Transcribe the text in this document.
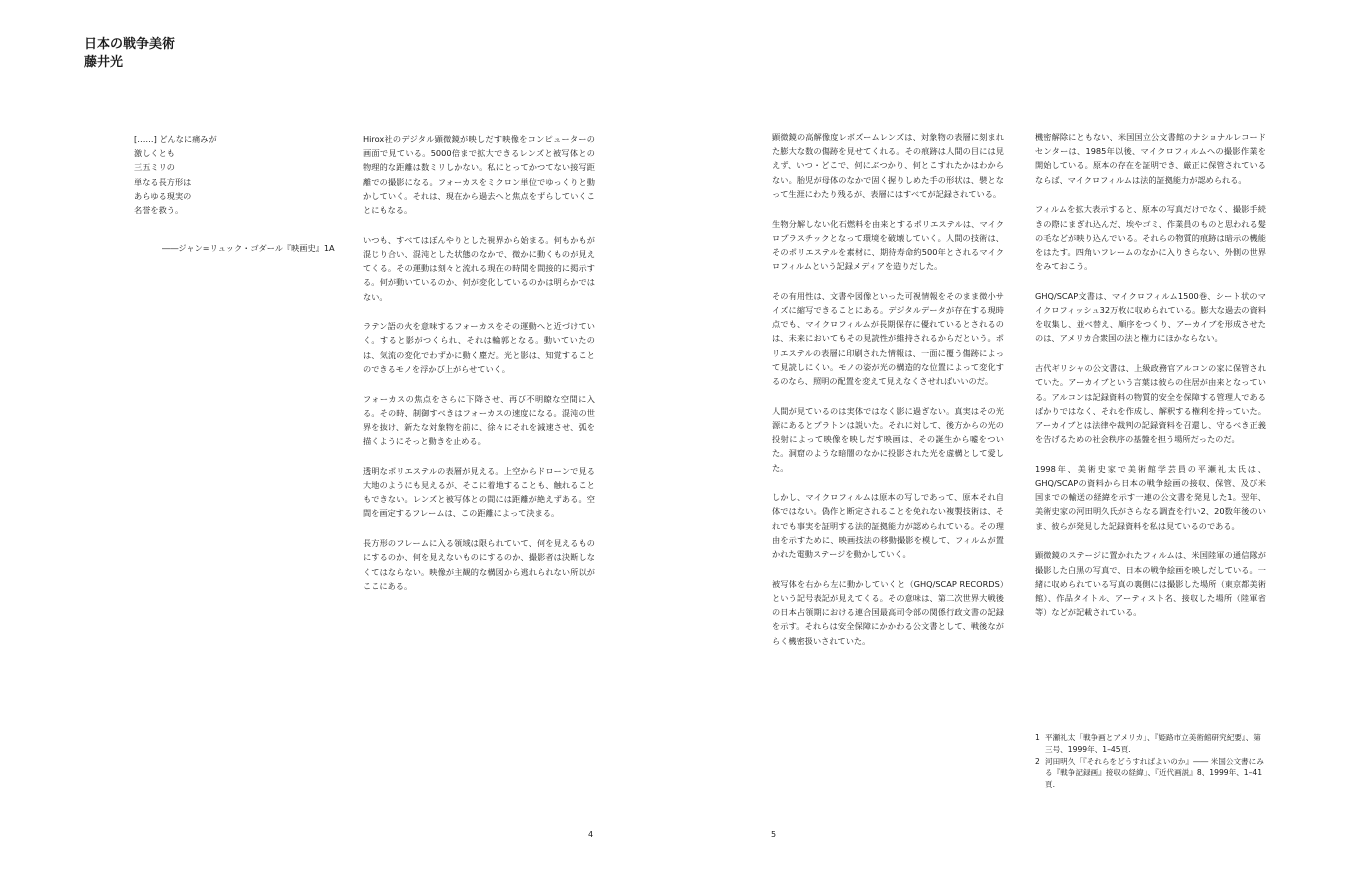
日本の戦争美術
藤井光
[……] どんなに痛みが
激しくとも
三五ミリの
単なる長方形は
あらゆる現実の
名誉を救う。
――ジャン=リュック・ゴダール『映画史』1A

Hirox社のデジタル顕微鏡が映しだす映像をコンピューターの画面で見ている。5000倍まで拡大できるレンズと被写体との物理的な距離は数ミリしかない。私にとってかつてない接写距離での撮影になる。フォーカスをミクロン単位でゆっくりと動かしていく。それは、現在から過去へと焦点をずらしていくことにもなる。

いつも、すべてはぼんやりとした視界から始まる。何もかもが混じり合い、混沌とした状態のなかで、微かに動くものが見えてくる。その運動は刻々と流れる現在の時間を間接的に掲示する。何が動いているのか、何が変化しているのかは明らかではない。

ラテン語の火を意味するフォーカスをその運動へと近づけていく。すると影がつくられ、それは輪郭となる。動いていたのは、気流の変化でわずかに動く塵だ。光と影は、知覚することのできるモノを浮かび上がらせていく。

フォーカスの焦点をさらに下降させ、再び不明瞭な空間に入る。その時、制御すべきはフォーカスの速度になる。混沌の世界を抜け、新たな対象物を前に、徐々にそれを減速させ、弧を描くようにそっと動きを止める。

透明なポリエステルの表層が見える。上空からドローンで見る大地のようにも見えるが、そこに着地することも、触れることもできない。レンズと被写体との間には距離が絶えずある。空間を画定するフレームは、この距離によって決まる。

長方形のフレームに入る領域は限られていて、何を見えるものにするのか、何を見えないものにするのか、撮影者は決断しなくてはならない。映像が主観的な構図から逃れられない所以がここにある。

4

顕微鏡の高解像度レボズームレンズは、対象物の表層に刻まれた膨大な数の傷跡を見せてくれる。その痕跡は人間の目には見えず、いつ・どこで、何にぶつかり、何とこすれたかはわからない。胎児が母体のなかで固く握りしめた手の形状は、襞となって生涯にわたり残るが、表層にはすべてが記録されている。

生物分解しない化石燃料を由来とするポリエステルは、マイクロプラスチックとなって環境を破壊していく。人間の技術は、そのポリエステルを素材に、期待寿命約500年とされるマイクロフィルムという記録メディアを造りだした。

その有用性は、文書や図像といった可視情報をそのまま微小サイズに縮写できることにある。デジタルデータが存在する現時点でも、マイクロフィルムが長期保存に優れているとされるのは、未来においてもその見読性が維持されるからだという。ポリエステルの表層に印刷された情報は、一面に覆う傷跡によって見読しにくい。モノの姿が光の構造的な位置によって変化するのなら、照明の配置を変えて見えなくさせればいいのだ。

人間が見ているのは実体ではなく影に過ぎない。真実はその光源にあるとプラトンは説いた。それに対して、後方からの光の投射によって映像を映しだす映画は、その誕生から嘘をついた。洞窟のような暗闇のなかに投影された光を虚構として愛した。

しかし、マイクロフィルムは原本の写しであって、原本それ自体ではない。偽作と断定されることを免れない複製技術は、それでも事実を証明する法的証拠能力が認められている。その理由を示すために、映画技法の移動撮影を模して、フィルムが置かれた電動ステージを動かしていく。

被写体を右から左に動かしていくと（GHQ/SCAP RECORDS）という記号表記が見えてくる。その意味は、第二次世界大戦後の日本占領期における連合国最高司令部の関係行政文書の記録を示す。それらは安全保障にかかわる公文書として、戦後ながらく機密扱いされていた。

機密解除にともない、米国国立公文書館のナショナルレコードセンターは、1985年以後、マイクロフィルムへの撮影作業を開始している。原本の存在を証明でき、厳正に保管されているならば、マイクロフィルムは法的証拠能力が認められる。

フィルムを拡大表示すると、原本の写真だけでなく、撮影手続きの際にまぎれ込んだ、埃やゴミ、作業員のものと思われる髪の毛などが映り込んでいる。それらの物質的痕跡は暗示の機能をはたす。四角いフレームのなかに入りきらない、外側の世界をみておこう。

GHQ/SCAP文書は、マイクロフィルム1500巻、シート状のマイクロフィッシュ32万枚に収められている。膨大な過去の資料を収集し、並べ替え、順序をつくり、アーカイブを形成させたのは、アメリカ合衆国の法と権力にほかならない。

古代ギリシャの公文書は、上級政務官アルコンの家に保管されていた。アーカイブという言葉は彼らの住居が由来となっている。アルコンは記録資料の物質的安全を保障する管理人であるばかりではなく、それを作成し、解釈する権利を持っていた。アーカイブとは法律や裁判の記録資料を召還し、守るべき正義を告げるための社会秩序の基盤を担う場所だったのだ。

1998年、美術史家で美術館学芸員の平瀬礼太氏は、GHQ/SCAPの資料から日本の戦争絵画の接収、保管、及び米国までの輸送の経緯を示す一連の公文書を発見した1。翌年、美術史家の河田明久氏がさらなる調査を行い2、20数年後のいま、彼らが発見した記録資料を私は見ているのである。

顕微鏡のステージに置かれたフィルムは、米国陸軍の通信隊が撮影した白黒の写真で、日本の戦争絵画を映しだしている。一緒に収められている写真の裏側には撮影した場所（東京都美術館）、作品タイトル、アーティスト名、接収した場所（陸軍省等）などが記載されている。

1 平瀬礼太「戦争画とアメリカ」、『姫路市立美術館研究紀要』、第三号、1999年、1–45頁.
2 河田明久「『それらをどうすればよいのか』―― 米国公文書にみる『戦争記録画』接収の経緯」、『近代画説』8、1999年、1–41頁.
5
